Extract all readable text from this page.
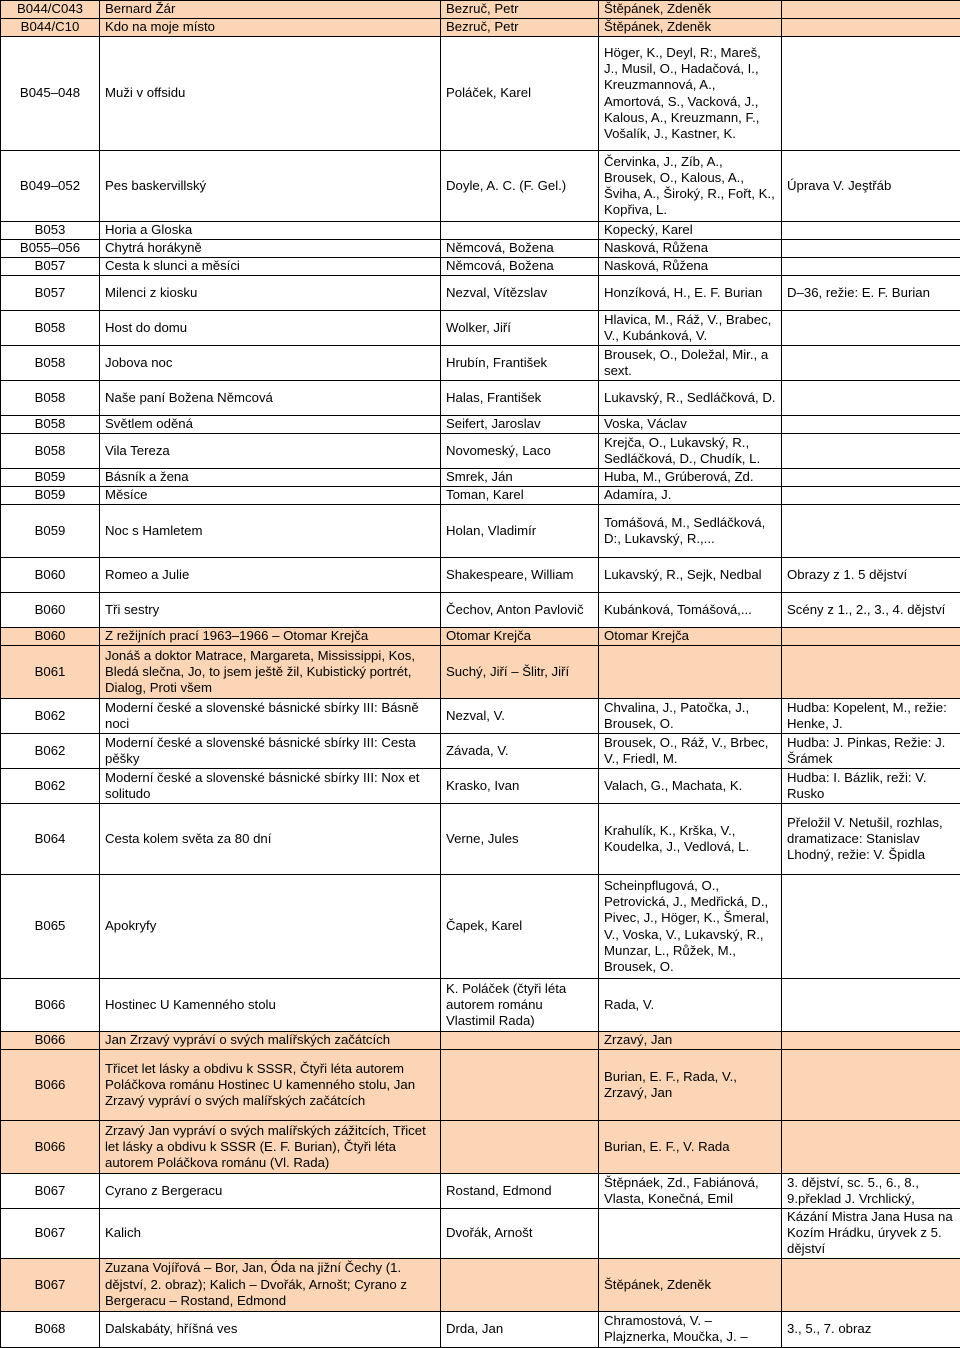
B044/C043	Bernard Žár	Bezruč, Petr	Štěpánek, Zdeněk	
B044/C10	Kdo na moje místo	Bezruč, Petr	Štěpánek, Zdeněk	
B045–048	Muži v offsidu	Poláček, Karel	Höger, K., Deyl, R:, Mareš, J., Musil, O., Hadačová, I., Kreuzmannová, A., Amortová, S., Vacková, J., Kalous, A., Kreuzmann, F., Vošalík, J., Kastner, K.	
B049–052	Pes baskervillský	Doyle, A. C. (F. Gel.)	Červinka, J., Zíb, A., Brousek, O., Kalous, A., Šviha, A., Široký, R., Fořt, K., Kopřiva, L.	Úprava V. Jeştřáb
B053	Horia a Gloska		Kopecký, Karel	
B055–056	Chytrá horákyně	Němcová, Božena	Nasková, Růžena	
B057	Cesta k slunci a měsíci	Němcová, Božena	Nasková, Růžena	
B057	Milenci z kiosku	Nezval, Vítězslav	Honzíková, H., E. F. Burian	D–36, režie: E. F. Burian
B058	Host do domu	Wolker, Jiří	Hlavica, M., Ráž, V., Brabec, V., Kubánková, V.	
B058	Jobova noc	Hrubín, František	Brousek, O., Doležal, Mir., a sext.	
B058	Naše paní Božena Němcová	Halas, František	Lukavský, R., Sedláčková, D.	
B058	Světlem oděná	Seifert, Jaroslav	Voska, Václav	
B058	Vila Tereza	Novomeský, Laco	Krejča, O., Lukavský, R., Sedláčková, D., Chudík, L.	
B059	Básník a žena	Smrek, Ján	Huba, M., Grúberová, Zd.	
B059	Měsíce	Toman, Karel	Adamíra, J.	
B059	Noc s Hamletem	Holan, Vladimír	Tomášová, M., Sedláčková, D:, Lukavský, R.,...	
B060	Romeo a Julie	Shakespeare, William	Lukavský, R., Sejk, Nedbal	Obrazy z 1. 5 dějství
B060	Tři sestry	Čechov, Anton Pavlovič	Kubánková, Tomášová,...	Scény z 1., 2., 3., 4. dějství
B060	Z režijních prací 1963–1966 – Otomar Krejča	Otomar Krejča	Otomar Krejča	
B061	Jonáš a doktor Matrace, Margareta, Mississippi, Kos, Bledá slečna, Jo, to jsem ještě žil, Kubistický portrét, Dialog, Proti všem	Suchý, Jiří – Šlitr, Jiří		
B062	Moderní české a slovenské básnické sbírky III: Básně noci	Nezval, V.	Chvalina, J., Patočka, J., Brousek, O.	Hudba: Kopelent, M., režie: Henke, J.
B062	Moderní české a slovenské básnické sbírky III: Cesta pěšky	Závada, V.	Brousek, O., Ráž, V., Brbec, V., Friedl, M.	Hudba: J. Pinkas, Režie: J. Šrámek
B062	Moderní české a slovenské básnické sbírky III: Nox et solitudo	Krasko, Ivan	Valach, G., Machata, K.	Hudba: I. Bázlik, reži: V. Rusko
B064	Cesta kolem světa za 80 dní	Verne, Jules	Krahulík, K., Krška, V., Koudelka, J., Vedlová, L.	Přeložil V. Netušil, rozhlas, dramatizace: Stanislav Lhodný, režie: V. Špidla
B065	Apokryfy	Čapek, Karel	Scheinpflugová, O., Petrovická, J., Medřická, D., Pivec, J., Höger, K., Šmeral, V., Voska, V., Lukavský, R., Munzar, L., Růžek, M., Brousek, O.	
B066	Hostinec U Kamenného stolu	K. Poláček (čtyři léta autorem románu Vlastimil Rada)	Rada, V.	
B066	Jan Zrzavý vypráví o svých malířských začátcích		Zrzavý, Jan	
B066	Třicet let lásky a obdivu k SSSR, Čtyři léta autorem Poláčkova románu Hostinec U kamenného stolu, Jan Zrzavý vypráví o svých malířských začátcích		Burian, E. F., Rada, V., Zrzavý, Jan	
B066	Zrzavý Jan vypráví o svých malířských zážitcích, Třicet let lásky a obdivu k SSSR (E. F. Burian), Čtyři léta autorem Poláčkova románu (Vl. Rada)		Burian, E. F., V. Rada	
B067	Cyrano z Bergeracu	Rostand, Edmond	Štěpnáek, Zd., Fabiánová, Vlasta, Konečná, Emil	3. dějství, sc. 5., 6., 8., 9.překlad J. Vrchlický,
B067	Kalich	Dvořák, Arnošt		Kázání Mistra Jana Husa na Kozím Hrádku, úryvek z 5. dějství
B067	Zuzana Vojířová – Bor, Jan, Óda na jižní Čechy (1. dějství, 2. obraz); Kalich – Dvořák, Arnošt; Cyrano z Bergeracu – Rostand, Edmond		Štěpánek, Zdeněk	
B068	Dalskabáty, hříšná ves	Drda, Jan	Chramostová, V. – Plajznerka, Moučka, J. –	3., 5., 7. obraz
